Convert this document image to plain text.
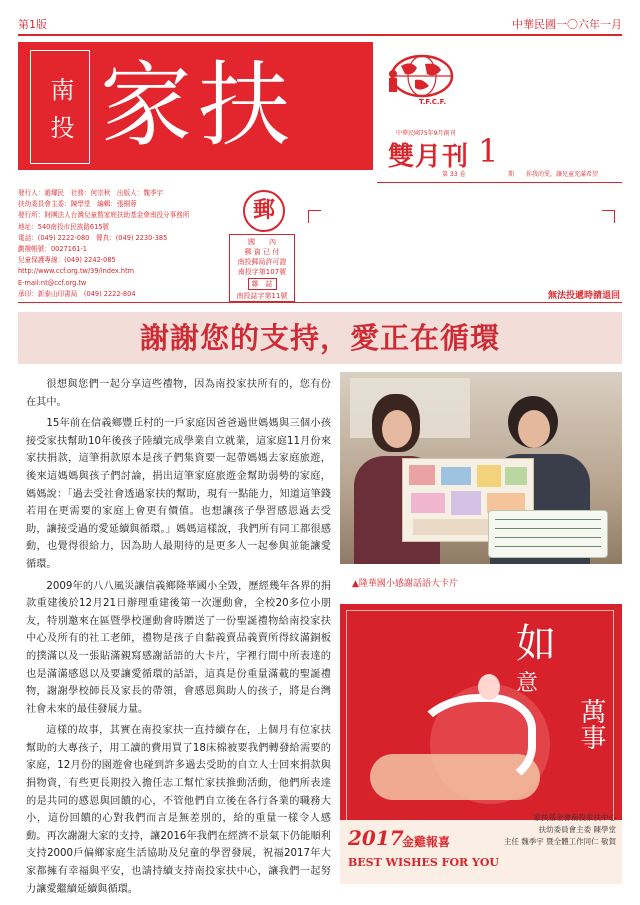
第1版	中華民國一〇六年一月
南投 家扶	T.F.C.F.
中華民國75年9月創刊
雙月刊 1
第 33 卷	期　　你我的愛，讓兒童充滿希望
發行人：趙耀民　社務：何宗秋　出版人：魏季宇
扶幼委員會主委：陳學堂　編輯：張桐蓉
發行所：財團法人台灣兒童暨家庭扶助基金會南投分事務所
地址：540南投市民族路615號
電話：(049) 2222-080　傳真：(049) 2230-385
劃撥帳號：0027161-1
兒童保護專線：(049) 2242-085
http://www.ccf.org.tw/39/index.htm
E-mail:nt@ccf.org.tw
承印：新泰山印書局　(049) 2222-804
郵
國　　內
郵 資 已 付
南投郵局許可證
南投字第107號
雜　誌
南投誌字第11號	無法投遞時請退回
謝謝您的支持，愛正在循環

很想與您們一起分享這些禮物，因為南投家扶所有的，您有份在其中。

15年前在信義鄉豐丘村的一戶家庭因爸爸過世媽媽與三個小孩接受家扶幫助10年後孩子陸續完成學業自立就業，這家庭11月份來家扶捐款，這筆捐款原本是孩子們集資要一起帶媽媽去家庭旅遊，後來這媽媽與孩子們討論，捐出這筆家庭旅遊金幫助弱勢的家庭，媽媽說：「過去受社會透過家扶的幫助，現有一點能力，知道這筆錢若用在更需要的家庭上會更有價值。也想讓孩子學習感恩過去受助，讓接受過的愛延續與循環。」媽媽這樣說，我們所有同工都很感動，也覺得很給力，因為助人最期待的是更多人一起參與並能讓愛循環。

2009年的八八風災讓信義鄉隆華國小全毀，歷經幾年各界的捐款重建後於12月21日辦理重建後第一次運動會，全校20多位小朋友，特別邀來在區暨學校運動會時贈送了一份聖誕禮物給南投家扶中心及所有的社工老師，禮物是孩子自黏義賣品義賣所得紋滿銅板的撲滿以及一張貼滿親寫感謝話語的大卡片，字裡行間中所表達的也是滿滿感恩以及要讓愛循環的話語，這真是份重量滿載的聖誕禮物，謝謝學校師長及家長的帶領，會感恩與助人的孩子，將是台灣社會未來的最佳發展力量。

這樣的故事，其實在南投家扶一直持續存在，上個月有位家扶幫助的大專孩子，用工讀的費用買了18床棉被要我們轉發給需要的家庭，12月份的園遊會也碰到許多過去受助的自立人士回來捐款與捐物資，有些更長期投入擔任志工幫忙家扶推動活動，他們所表達的是共同的感恩與回饋的心，不管他們自立後在各行各業的職務大小，這份回饋的心對我們而言是無差別的，給的重量一樣令人感動。再次謝謝大家的支持，讓2016年我們在經濟不景氣下仍能順利支持2000戶偏鄉家庭生活協助及兒童的學習發展，祝福2017年大家都擁有幸福與平安，也請持續支持南投家扶中心，讓我們一起努力讓愛繼續延續與循環。

▲隆華國小感謝話語大卡片
如
意
萬事
2017
金雞報喜
BEST WISHES FOR YOU
家扶基金會南投家扶中心
扶幼委員會主委 陳學堂
主任 魏季宇 暨全體工作同仁 敬賀
